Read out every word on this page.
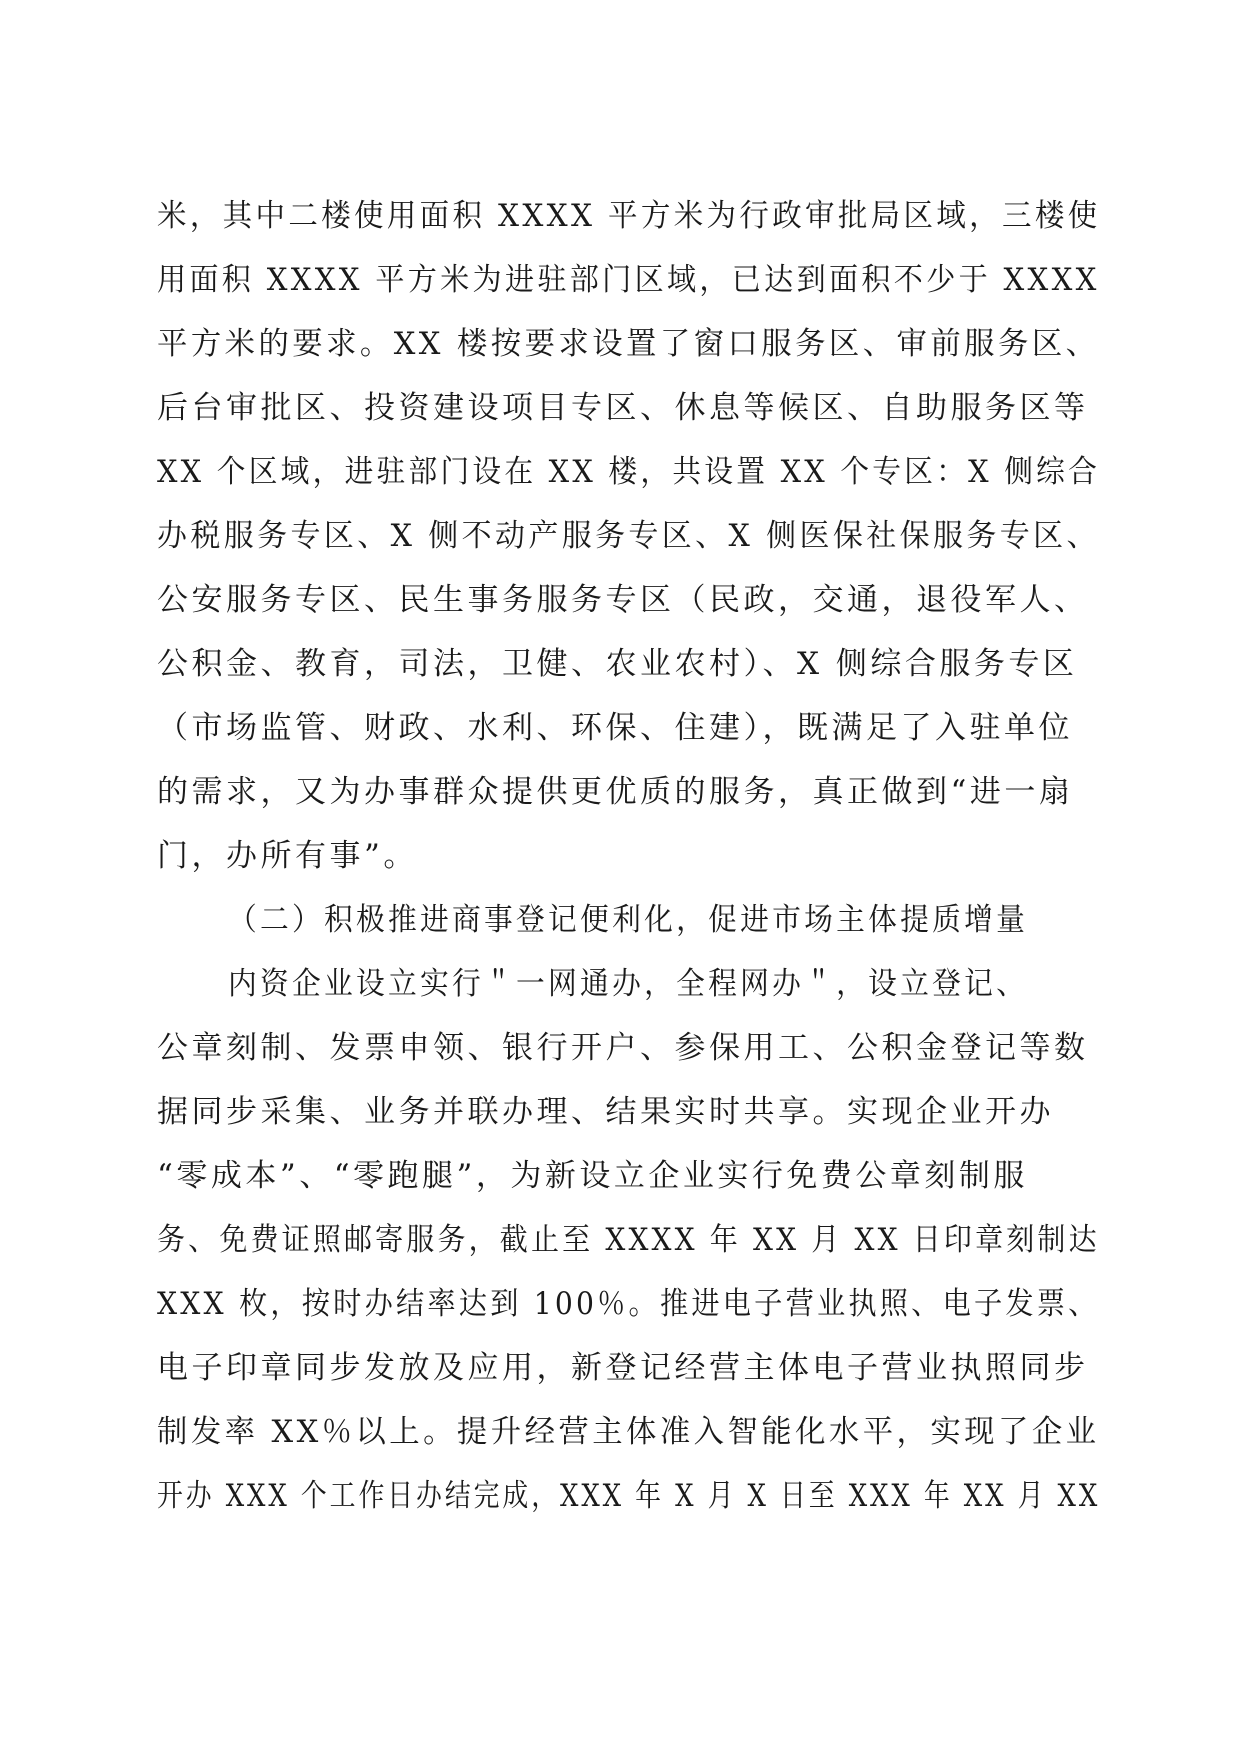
米，其中二楼使用面积 XXXX 平方米为行政审批局区域，三楼使
用面积 XXXX 平方米为进驻部门区域，已达到面积不少于 XXXX
平方米的要求。XX 楼按要求设置了窗口服务区、审前服务区、
后台审批区、投资建设项目专区、休息等候区、自助服务区等
XX 个区域，进驻部门设在 XX 楼，共设置 XX 个专区：X 侧综合
办税服务专区、X 侧不动产服务专区、X 侧医保社保服务专区、
公安服务专区、民生事务服务专区（民政，交通，退役军人、
公积金、教育，司法，卫健、农业农村）、X 侧综合服务专区
（市场监管、财政、水利、环保、住建），既满足了入驻单位
的需求，又为办事群众提供更优质的服务，真正做到“进一扇
门，办所有事”。
（二）积极推进商事登记便利化，促进市场主体提质增量
内资企业设立实行＂一网通办，全程网办＂，设立登记、
公章刻制、发票申领、银行开户、参保用工、公积金登记等数
据同步采集、业务并联办理、结果实时共享。实现企业开办
“零成本”、“零跑腿”，为新设立企业实行免费公章刻制服
务、免费证照邮寄服务，截止至 XXXX 年 XX 月 XX 日印章刻制达
XXX 枚，按时办结率达到 100％。推进电子营业执照、电子发票、
电子印章同步发放及应用，新登记经营主体电子营业执照同步
制发率 XX％以上。提升经营主体准入智能化水平，实现了企业
开办 XXX 个工作日办结完成，XXX 年 X 月 X 日至 XXX 年 XX 月 XX
